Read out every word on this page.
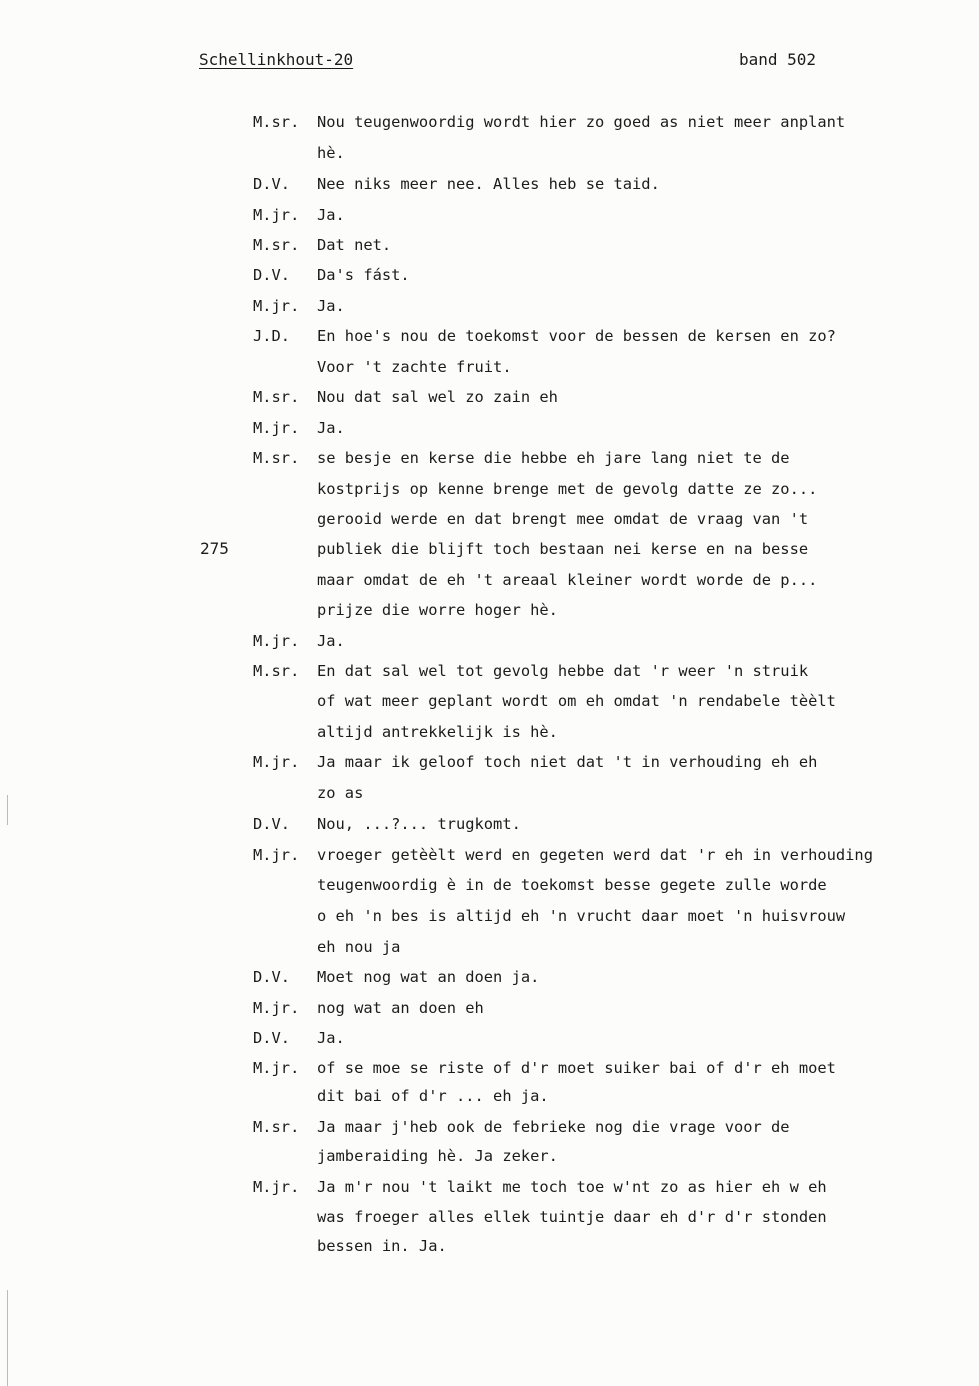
Schellinkhout-20	band 502
275
M.sr. Nou teugenwoordig wordt hier zo goed as niet meer anplant
hè.
D.V. Nee niks meer nee. Alles heb se taid.
M.jr. Ja.
M.sr. Dat net.
D.V. Da's fást.
M.jr. Ja.
J.D. En hoe's nou de toekomst voor de bessen de kersen en zo?
Voor 't zachte fruit.
M.sr. Nou dat sal wel zo zain eh
M.jr. Ja.
M.sr. se besje en kerse die hebbe eh jare lang niet te de
kostprijs op kenne brenge met de gevolg datte ze zo...
gerooid werde en dat brengt mee omdat de vraag van 't
publiek die blijft toch bestaan nei kerse en na besse
maar omdat de eh 't areaal kleiner wordt worde de p...
prijze die worre hoger hè.
M.jr. Ja.
M.sr. En dat sal wel tot gevolg hebbe dat 'r weer 'n struik
of wat meer geplant wordt om eh omdat 'n rendabele tèèlt
altijd antrekkelijk is hè.
M.jr. Ja maar ik geloof toch niet dat 't in verhouding eh eh
zo as
D.V. Nou, ...?... trugkomt.
M.jr. vroeger getèèlt werd en gegeten werd dat 'r eh in verhouding
teugenwoordig è in de toekomst besse gegete zulle worde
o eh 'n bes is altijd eh 'n vrucht daar moet 'n huisvrouw
eh nou ja
D.V. Moet nog wat an doen ja.
M.jr. nog wat an doen eh
D.V. Ja.
M.jr. of se moe se riste of d'r moet suiker bai of d'r eh moet
dit bai of d'r ... eh ja.
M.sr. Ja maar j'heb ook de febrieke nog die vrage voor de
jamberaiding hè. Ja zeker.
M.jr. Ja m'r nou 't laikt me toch toe w'nt zo as hier eh w eh
was froeger alles ellek tuintje daar eh d'r d'r stonden
bessen in. Ja.
